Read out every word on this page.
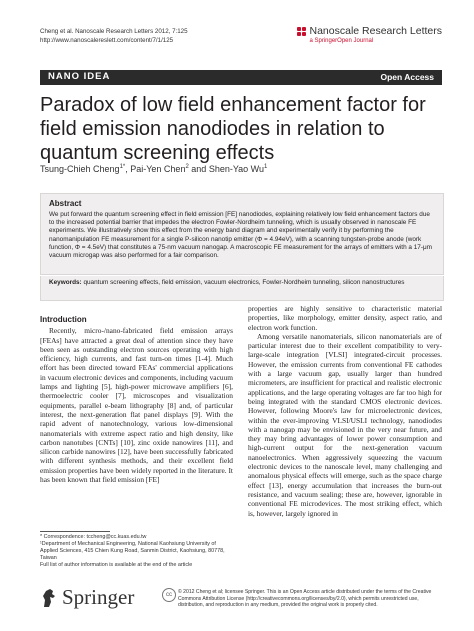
Cheng et al. Nanoscale Research Letters 2012, 7:125
http://www.nanoscalereslett.com/content/7/1/125
Nanoscale Research Letters
a SpringerOpen Journal
NANO IDEA	Open Access
Paradox of low field enhancement factor for field emission nanodiodes in relation to quantum screening effects
Tsung-Chieh Cheng$^{1*}$, Pai-Yen Chen$^2$ and Shen-Yao Wu$^1$
Abstract
We put forward the quantum screening effect in field emission [FE] nanodiodes, explaining relatively low field enhancement factors due to the increased potential barrier that impedes the electron Fowler-Nordheim tunneling, which is usually observed in nanoscale FE experiments. We illustratively show this effect from the energy band diagram and experimentally verify it by performing the nanomanipulation FE measurement for a single P-silicon nanotip emitter (Φ = 4.94eV), with a scanning tungsten-probe anode (work function, Φ = 4.5eV) that constitutes a 75-nm vacuum nanogap. A macroscopic FE measurement for the arrays of emitters with a 17-μm vacuum microgap was also performed for a fair comparison.
Keywords: quantum screening effects, field emission, vacuum electronics, Fowler-Nordheim tunneling, silicon nanostructures
Introduction

Recently, micro-/nano-fabricated field emission arrays [FEAs] have attracted a great deal of attention since they have been seen as outstanding electron sources operating with high efficiency, high currents, and fast turn-on times [1-4]. Much effort has been directed toward FEAs' commercial applications in vacuum electronic devices and components, including vacuum lamps and lighting [5], high-power microwave amplifiers [6], thermoelectric cooler [7], microscopes and visualization equipments, parallel e-beam lithography [8] and, of particular interest, the next-generation flat panel displays [9]. With the rapid advent of nanotechnology, various low-dimensional nanomaterials with extreme aspect ratio and high density, like carbon nanotubes [CNTs] [10], zinc oxide nanowires [11], and silicon carbide nanowires [12], have been successfully fabricated with different synthesis methods, and their excellent field emission properties have been widely reported in the literature. It has been known that field emission [FE]

properties are highly sensitive to characteristic material properties, like morphology, emitter density, aspect ratio, and electron work function.

Among versatile nanomaterials, silicon nanomaterials are of particular interest due to their excellent compatibility to very-large-scale integration [VLSI] integrated-circuit processes. However, the emission currents from conventional FE cathodes with a large vacuum gap, usually larger than hundred micrometers, are insufficient for practical and realistic electronic applications, and the large operating voltages are far too high for being integrated with the standard CMOS electronic devices. However, following Moore's law for microelectronic devices, within the ever-improving VLSI/USLI technology, nanodiodes with a nanogap may be envisioned in the very near future, and they may bring advantages of lower power consumption and high-current output for the next-generation vacuum nanoelectronics. When aggressively squeezing the vacuum electronic devices to the nanoscale level, many challenging and anomalous physical effects will emerge, such as the space charge effect [13], energy accumulation that increases the burn-out resistance, and vacuum sealing; these are, however, ignorable in conventional FE microdevices. The most striking effect, which is, however, largely ignored in

* Correspondence: tccheng@cc.kuas.edu.tw
¹Department of Mechanical Engineering, National Kaohsiung University of Applied Sciences, 415 Chien Kung Road, Sanmin District, Kaohsiung, 80778, Taiwan
Full list of author information is available at the end of the article
Springer	cc	© 2012 Cheng et al; licensee Springer. This is an Open Access article distributed under the terms of the Creative Commons Attribution License (http://creativecommons.org/licenses/by/2.0), which permits unrestricted use, distribution, and reproduction in any medium, provided the original work is properly cited.
